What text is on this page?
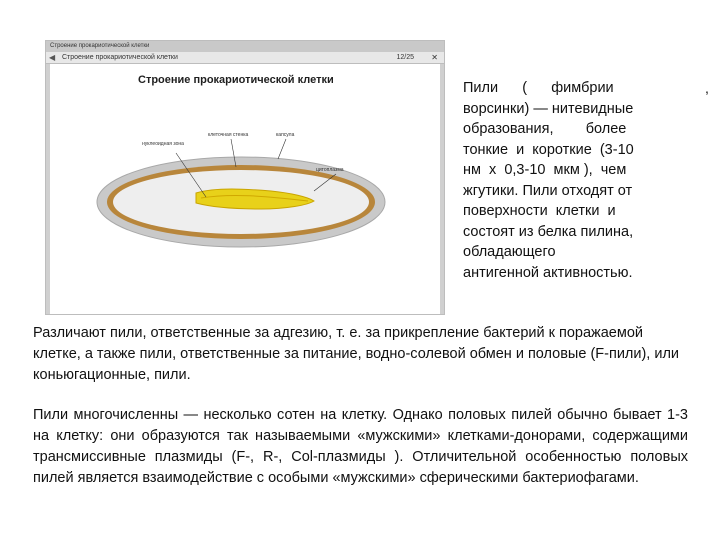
Строение прокариотической клетки
◀ Строение прокариотической клетки	12/25 ✕
Строение прокариотической клетки
нуклеоидная зона
клеточная стенка	капсула
цитоплазма
Пили      (      фимбрии
ворсинки) — нитевидные
образования,        более
тонкие  и  короткие  (3-10
нм  х  0,3-10  мкм ),  чем
жгутики. Пили отходят от
поверхности  клетки  и
состоят из белка пилина,
обладающего
антигенной активностью.
,
Различают пили, ответственные за адгезию, т. е. за прикрепление бактерий к поражаемой клетке, а также пили, ответственные за питание, водно-солевой обмен и половые (F-пили), или коньюгационные, пили.
Пили многочисленны — несколько сотен на клетку. Однако половых пилей обычно бывает 1-3 на клетку: они образуются так называемыми «мужскими» клетками-донорами, содержащими трансмиссивные плазмиды (F-, R-, Col-плазмиды ). Отличительной особенностью половых пилей является взаимодействие с особыми «мужскими» сферическими бактериофагами.
